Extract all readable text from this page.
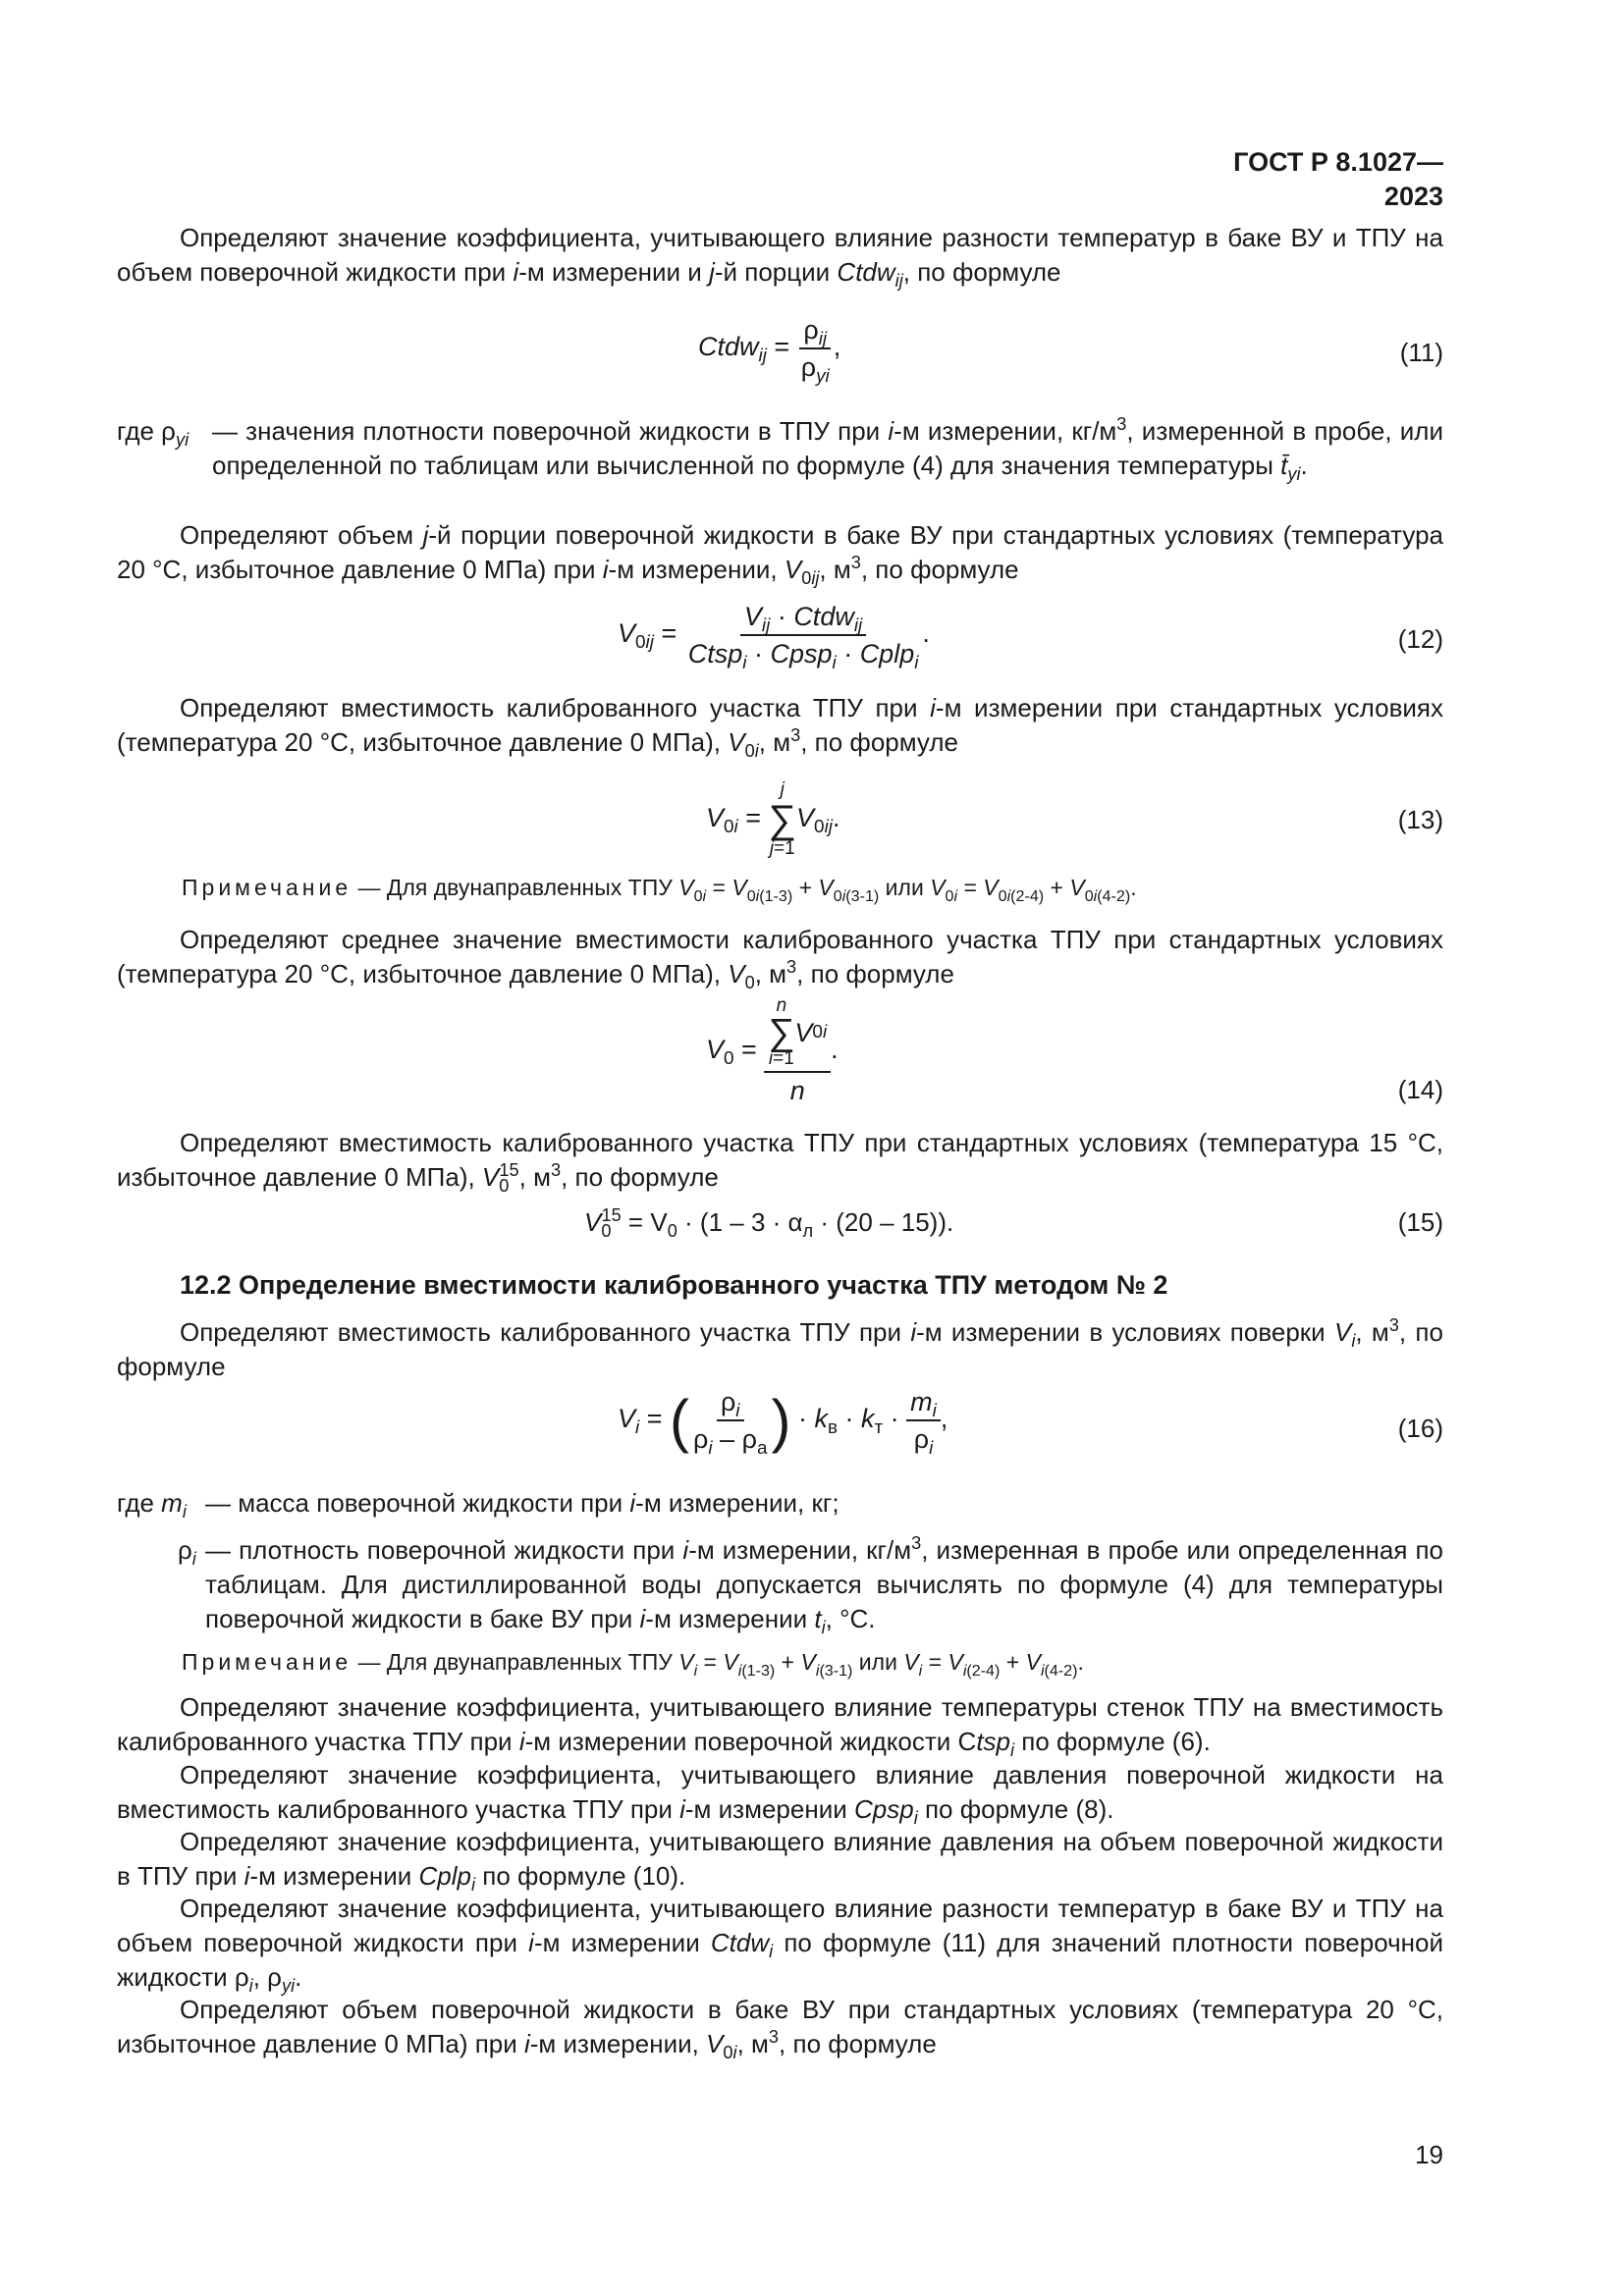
ГОСТ Р 8.1027—2023
Определяют значение коэффициента, учитывающего влияние разности температур в баке ВУ и ТПУ на объем поверочной жидкости при i-м измерении и j-й порции Ctdw$_{ij}$, по формуле
Ctdw$_{ij}$ = $\frac{\rho_{ij}}{\rho_{yi}}$ ,	(11)
где $\rho_{yi}$ — значения плотности поверочной жидкости в ТПУ при i-м измерении, $кг/м^3$, измеренной в пробе, или определенной по таблицам или вычисленной по формуле (4) для значения температуры $t̄_{yi}$.
Определяют объем j-й порции поверочной жидкости в баке ВУ при стандартных условиях (температура 20 °С, избыточное давление 0 МПа) при i-м измерении, $V_{0ij}$, $м^3$, по формуле
$V_{0ij} = \frac{V_{ij} \cdot Ctdw_{ij}}{Ctsp_i \cdot Cpsp_i \cdot Cplp_i}$ .	(12)
Определяют вместимость калиброванного участка ТПУ при i-м измерении при стандартных условиях (температура 20 °С, избыточное давление 0 МПа), $V_{0i}$, $м^3$, по формуле
$V_{0i}$ =
j
∑
j=1
$V_{0ij}$.	(13)
Примечание — Для двунаправленных ТПУ $V_{0i} = V_{0i(1-3)} + V_{0i(3-1)}$ или $V_{0i} = V_{0i(2-4)} + V_{0i(4-2)}$.
Определяют среднее значение вместимости калиброванного участка ТПУ при стандартных условиях (температура 20 °С, избыточное давление 0 МПа), $V_0$, $м^3$, по формуле
$V_0 = n$
∑
i=1
V 0i
n .
(14)
Определяют вместимость калиброванного участка ТПУ при стандартных условиях (температура 15 °С, избыточное давление 0 МПа), $V_0^{15}$, $м^3$, по формуле
$V_0^{15} = V_0 \cdot (1 - 3 \cdot \alpha_л \cdot (20 - 15))$.	(15)
12.2 Определение вместимости калиброванного участка ТПУ методом № 2
Определяют вместимость калиброванного участка ТПУ при i-м измерении в условиях поверки $V_i$, $м^3$, по формуле
$V_i$ = ( $\frac{\rho_i}{\rho_i - \rho_a}$ ) · $k_в \cdot k_т \cdot \frac{m_i}{\rho_i}$ ,	(16)
где $m_i$ — масса поверочной жидкости при i-м измерении, кг;
$\rho_i$ — плотность поверочной жидкости при i-м измерении, $кг/м^3$, измеренная в пробе или определенная по таблицам. Для дистиллированной воды допускается вычислять по формуле (4) для температуры поверочной жидкости в баке ВУ при i-м измерении $t_i$, °С.
Примечание — Для двунаправленных ТПУ $V_i = V_{i(1-3)} + V_{i(3-1)}$ или $V_i = V_{i(2-4)} + V_{i(4-2)}$.
Определяют значение коэффициента, учитывающего влияние температуры стенок ТПУ на вместимость калиброванного участка ТПУ при i-м измерении поверочной жидкости Ctsp$_i$ по формуле (6).
Определяют значение коэффициента, учитывающего влияние давления поверочной жидкости на вместимость калиброванного участка ТПУ при i-м измерении Cpsp$_i$ по формуле (8).
Определяют значение коэффициента, учитывающего влияние давления на объем поверочной жидкости в ТПУ при i-м измерении Cplp$_i$ по формуле (10).
Определяют значение коэффициента, учитывающего влияние разности температур в баке ВУ и ТПУ на объем поверочной жидкости при i-м измерении Ctdw$_i$ по формуле (11) для значений плотности поверочной жидкости $\rho_i$, $\rho_{yi}$.
Определяют объем поверочной жидкости в баке ВУ при стандартных условиях (температура 20 °С, избыточное давление 0 МПа) при i-м измерении, $V_{0i}$, $м^3$, по формуле
19
